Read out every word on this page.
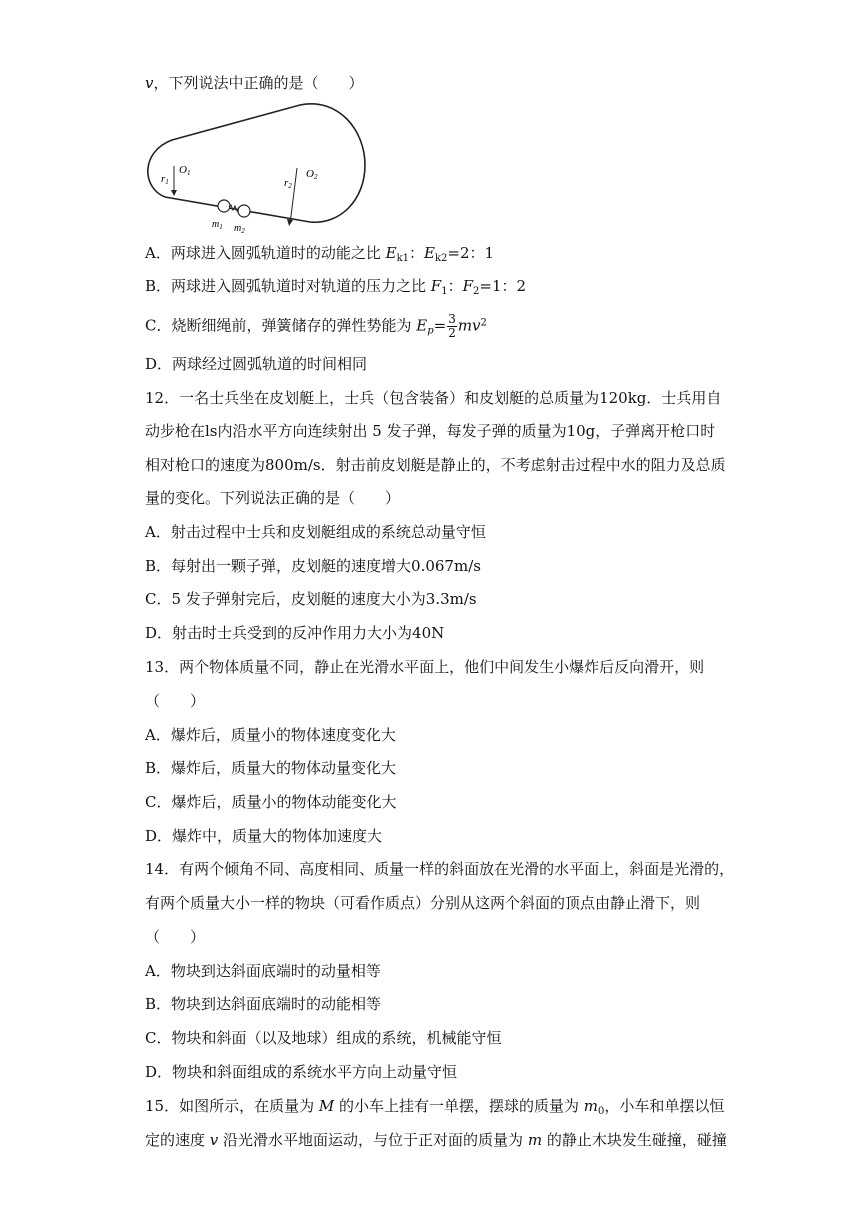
v，下列说法中正确的是（　　）
O1
r1
O2
r2
$m_1$ $m_2$
A．两球进入圆弧轨道时的动能之比 $E_{k1}$：$E_{k2}=2$：1
B．两球进入圆弧轨道时对轨道的压力之比 $F_1$：$F_2=1$：2
C．烧断细绳前，弹簧储存的弹性势能为 $E_p= \frac{3}{2} mv^2$
D．两球经过圆弧轨道的时间相同
12．一名士兵坐在皮划艇上，士兵（包含装备）和皮划艇的总质量为120kg．士兵用自
动步枪在ls内沿水平方向连续射出 5 发子弹，每发子弹的质量为10g，子弹离开枪口时
相对枪口的速度为800m/s．射击前皮划艇是静止的，不考虑射击过程中水的阻力及总质
量的变化。下列说法正确的是（　　）
A．射击过程中士兵和皮划艇组成的系统总动量守恒
B．每射出一颗子弹，皮划艇的速度增大0.067m/s
C．5 发子弹射完后，皮划艇的速度大小为3.3m/s
D．射击时士兵受到的反冲作用力大小为40N
13．两个物体质量不同，静止在光滑水平面上，他们中间发生小爆炸后反向滑开，则
（　　）
A．爆炸后，质量小的物体速度变化大
B．爆炸后，质量大的物体动量变化大
C．爆炸后，质量小的物体动能变化大
D．爆炸中，质量大的物体加速度大
14．有两个倾角不同、高度相同、质量一样的斜面放在光滑的水平面上，斜面是光滑的，
有两个质量大小一样的物块（可看作质点）分别从这两个斜面的顶点由静止滑下，则
（　　）
A．物块到达斜面底端时的动量相等
B．物块到达斜面底端时的动能相等
C．物块和斜面（以及地球）组成的系统，机械能守恒
D．物块和斜面组成的系统水平方向上动量守恒
15．如图所示，在质量为 M 的小车上挂有一单摆，摆球的质量为 $m_0$，小车和单摆以恒
定的速度 v 沿光滑水平地面运动，与位于正对面的质量为 m 的静止木块发生碰撞，碰撞
